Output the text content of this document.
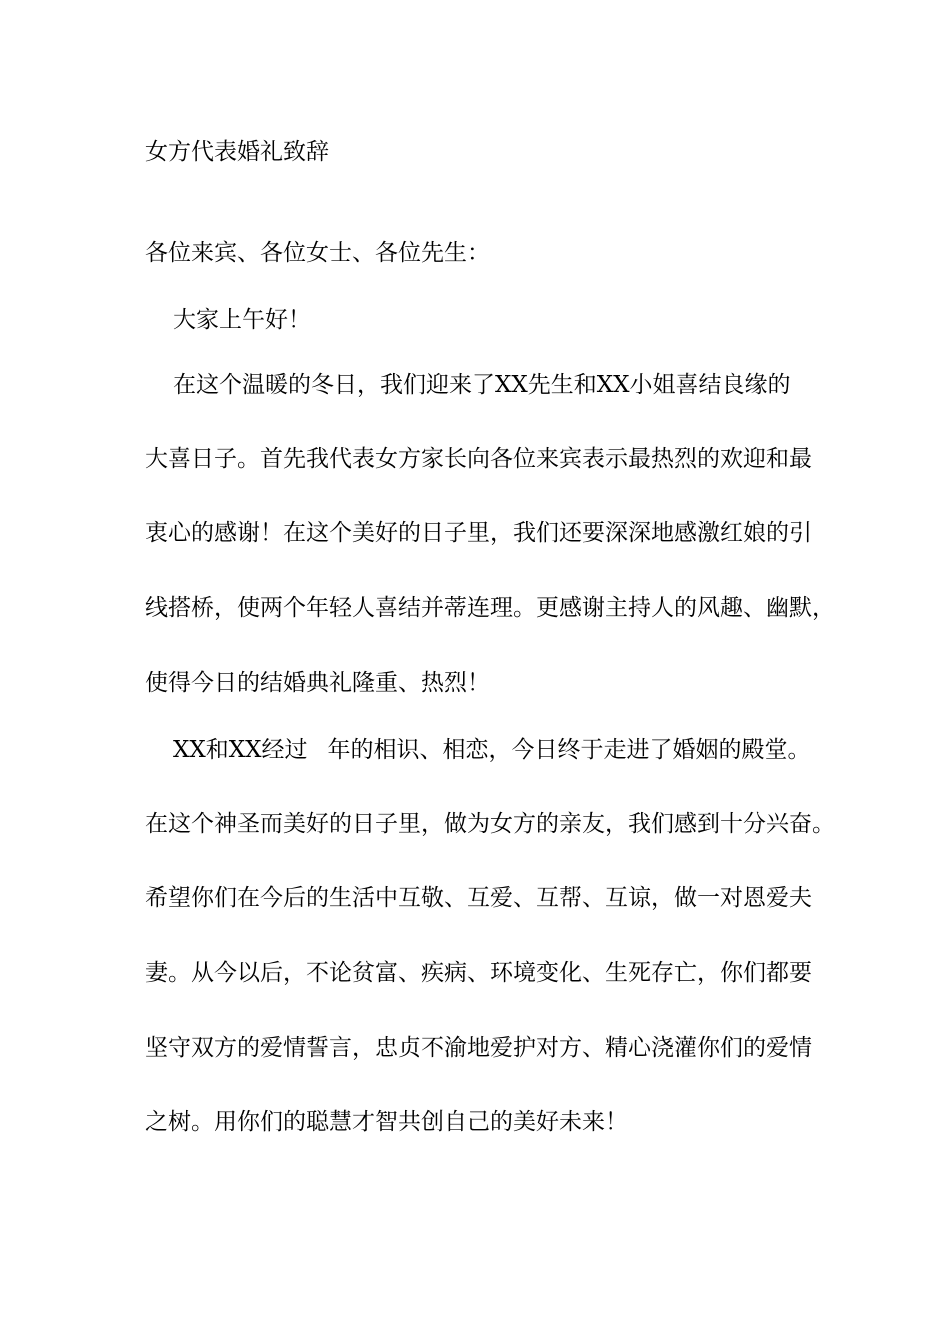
女方代表婚礼致辞
各位来宾、各位女士、各位先生：
大家上午好！
在这个温暖的冬日，我们迎来了XX先生和XX小姐喜结良缘的
大喜日子。首先我代表女方家长向各位来宾表示最热烈的欢迎和最
衷心的感谢！在这个美好的日子里，我们还要深深地感激红娘的引
线搭桥，使两个年轻人喜结并蒂连理。更感谢主持人的风趣、幽默，
使得今日的结婚典礼隆重、热烈！
XX和XX经过 年的相识、相恋，今日终于走进了婚姻的殿堂。
在这个神圣而美好的日子里，做为女方的亲友，我们感到十分兴奋。
希望你们在今后的生活中互敬、互爱、互帮、互谅，做一对恩爱夫
妻。从今以后，不论贫富、疾病、环境变化、生死存亡，你们都要
坚守双方的爱情誓言，忠贞不渝地爱护对方、精心浇灌你们的爱情
之树。用你们的聪慧才智共创自己的美好未来！
